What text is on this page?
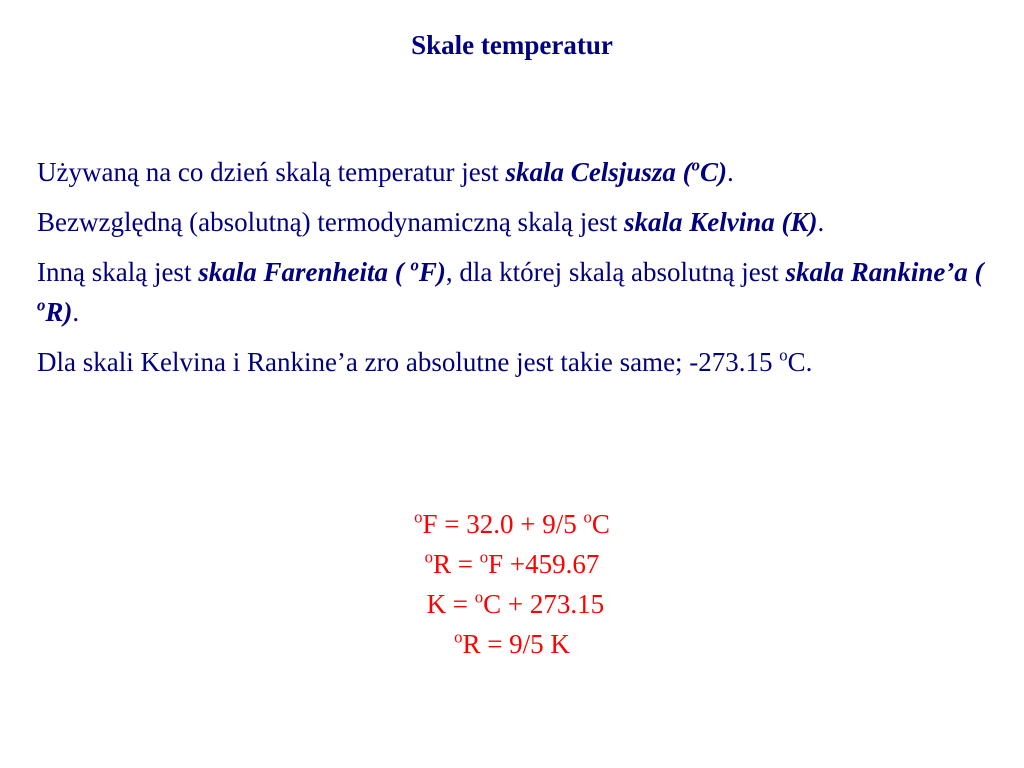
Skale temperatur

Używaną na co dzień skalą temperatur jest skala Celsjusza ($^o$C).

Bezwzględną (absolutną) termodynamiczną skalą jest skala Kelvina (K).

Inną skalą jest skala Farenheita ( $^o$F), dla której skalą absolutną jest skala Rankine’a ( $^o$R).

Dla skali Kelvina i Rankine’a zro absolutne jest takie same; -273.15 $^o$C.

$^o$F = 32.0 + 9/5 $^o$C
$^o$R = $^o$F +459.67
K = $^o$C + 273.15
$^o$R = 9/5 K
